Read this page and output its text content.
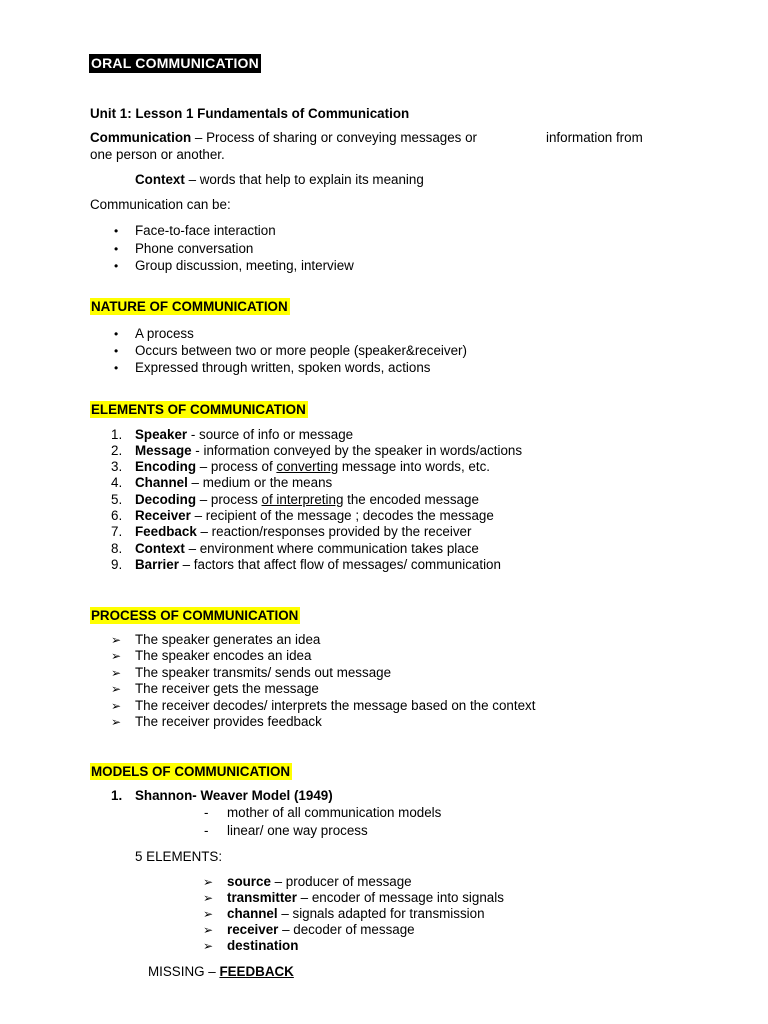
ORAL COMMUNICATION
Unit 1: Lesson 1 Fundamentals of Communication
Communication – Process of sharing or conveying messages or	information from
one person or another.
Context – words that help to explain its meaning
Communication can be:
• Face-to-face interaction
• Phone conversation
• Group discussion, meeting, interview
NATURE OF COMMUNICATION
• A process
• Occurs between two or more people (speaker&receiver)
• Expressed through written, spoken words, actions
ELEMENTS OF COMMUNICATION
1. Speaker - source of info or message
2. Message - information conveyed by the speaker in words/actions
3. Encoding – process of converting message into words, etc.
4. Channel – medium or the means
5. Decoding – process of interpreting the encoded message
6. Receiver – recipient of the message ; decodes the message
7. Feedback – reaction/responses provided by the receiver
8. Context – environment where communication takes place
9. Barrier – factors that affect flow of messages/ communication
PROCESS OF COMMUNICATION
➢ The speaker generates an idea
➢ The speaker encodes an idea
➢ The speaker transmits/ sends out message
➢ The receiver gets the message
➢ The receiver decodes/ interprets the message based on the context
➢ The receiver provides feedback
MODELS OF COMMUNICATION
1. Shannon- Weaver Model (1949)
- mother of all communication models
- linear/ one way process
5 ELEMENTS:
➢ source – producer of message
➢ transmitter – encoder of message into signals
➢ channel – signals adapted for transmission
➢ receiver – decoder of message
➢ destination
MISSING – FEEDBACK
